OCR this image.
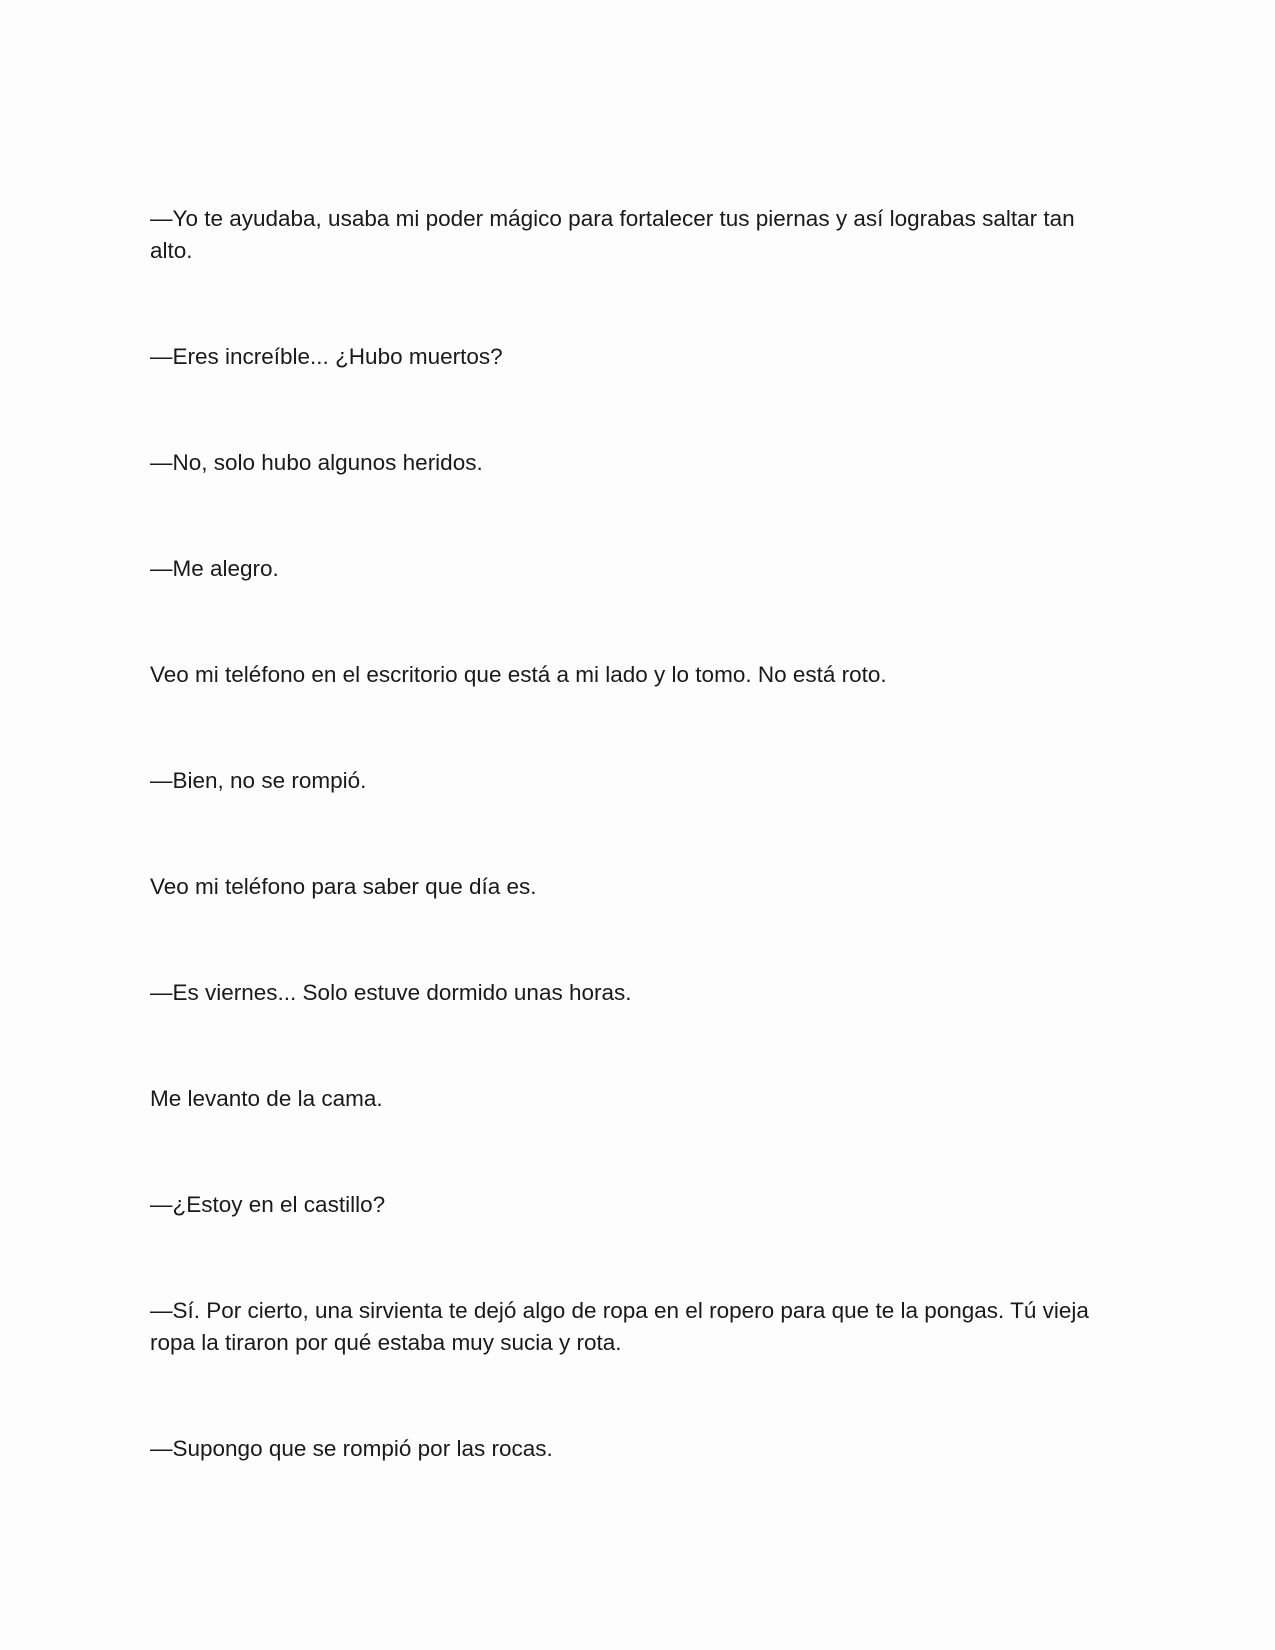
—Yo te ayudaba, usaba mi poder mágico para fortalecer tus piernas y así lograbas saltar tan alto.

—Eres increíble... ¿Hubo muertos?

—No, solo hubo algunos heridos.

—Me alegro.

Veo mi teléfono en el escritorio que está a mi lado y lo tomo. No está roto.

—Bien, no se rompió.

Veo mi teléfono para saber que día es.

—Es viernes... Solo estuve dormido unas horas.

Me levanto de la cama.

—¿Estoy en el castillo?

—Sí. Por cierto, una sirvienta te dejó algo de ropa en el ropero para que te la pongas. Tú vieja ropa la tiraron por qué estaba muy sucia y rota.

—Supongo que se rompió por las rocas.
